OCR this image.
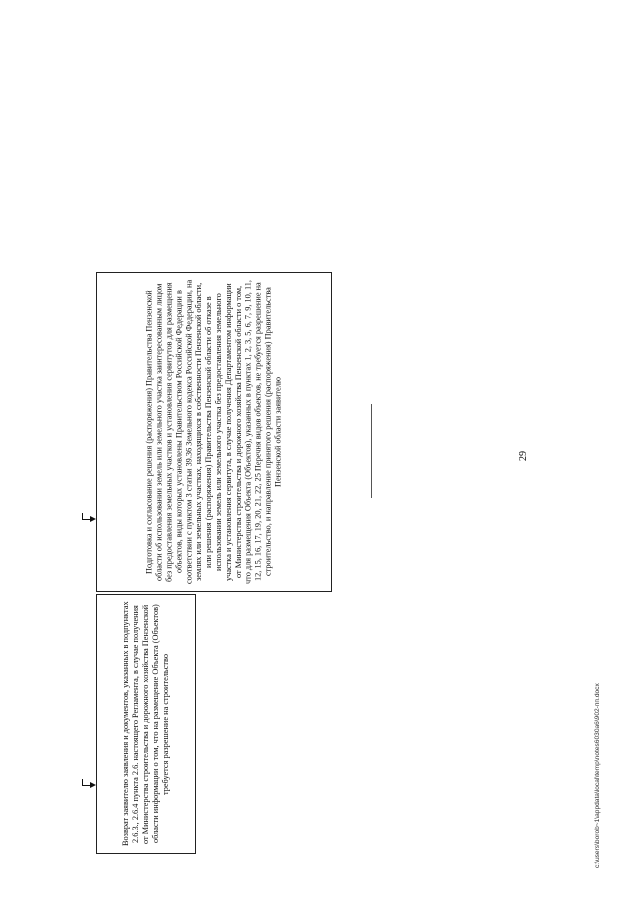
29
Возврат заявителю заявления и документов, указанных в подпунктах 2.6.3., 2.6.4 пункта 2.6. настоящего Регламента, в случае получения от Министерства строительства и дорожного хозяйства Пензенской области информации о том, что на размещение Объекта (Объектов) требуется разрешение на строительство
Подготовка и согласование решения (распоряжения) Правительства Пензенской области об использовании земель или земельного участка заинтересованным лицом без предоставления земельных участков и установления сервитутов для размещения объектов, виды которых установлены Правительством Российской Федерации в соответствии с пунктом 3 статьи 39.36 Земельного кодекса Российской Федерации, на землях или земельных участках, находящихся в собственности Пензенской области, или решения (распоряжения) Правительства Пензенской области об отказе в использовании земель или земельного участка без предоставления земельного участка и установления сервитута, в случае получения Департаментом информации от Министерства строительства и дорожного хозяйства Пензенской области о том, что для размещения Объекта (Объектов), указанных в пунктах 1, 2, 3, 5, 6, 7, 9, 10, 11, 12, 15, 16, 17, 19, 20, 21, 22, 25 Перечня видов объектов, не требуется разрешение на строительство, и направление принятого решения (распоряжения) Правительства Пензенской области заявителю
c:\users\borob~1\appdata\local\temp\notes6030a6\902-пп.docx
